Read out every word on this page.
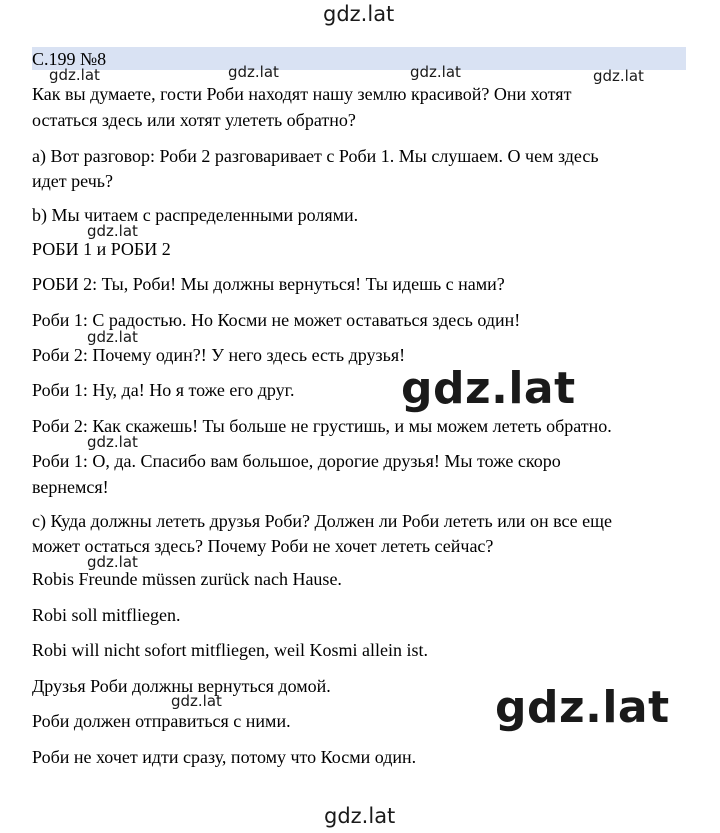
С.199 №8
Как вы думаете, гости Роби находят нашу землю красивой? Они хотят
остаться здесь или хотят улететь обратно?
а) Вот разговор: Роби 2 разговаривает с Роби 1. Мы слушаем. О чем здесь
идет речь?
b) Мы читаем с распределенными ролями.
РОБИ 1 и РОБИ 2
РОБИ 2: Ты, Роби! Мы должны вернуться! Ты идешь с нами?
Роби 1: С радостью. Но Косми не может оставаться здесь один!
Роби 2: Почему один?! У него здесь есть друзья!
Роби 1: Ну, да! Но я тоже его друг.
Роби 2: Как скажешь! Ты больше не грустишь, и мы можем лететь обратно.
Роби 1: О, да. Спасибо вам большое, дорогие друзья! Мы тоже скоро
вернемся!
c) Куда должны лететь друзья Роби? Должен ли Роби лететь или он все еще
может остаться здесь? Почему Роби не хочет лететь сейчас?
Robis Freunde müssen zurück nach Hause.
Robi soll mitfliegen.
Robi will nicht sofort mitfliegen, weil Kosmi allein ist.
Друзья Роби должны вернуться домой.
Роби должен отправиться с ними.
Роби не хочет идти сразу, потому что Косми один.
gdz.lat
gdz.lat	gdz.lat	gdz.lat	gdz.lat
gdz.lat
gdz.lat
gdz.lat
gdz.lat
gdz.lat
gdz.lat
gdz.lat
gdz.lat
